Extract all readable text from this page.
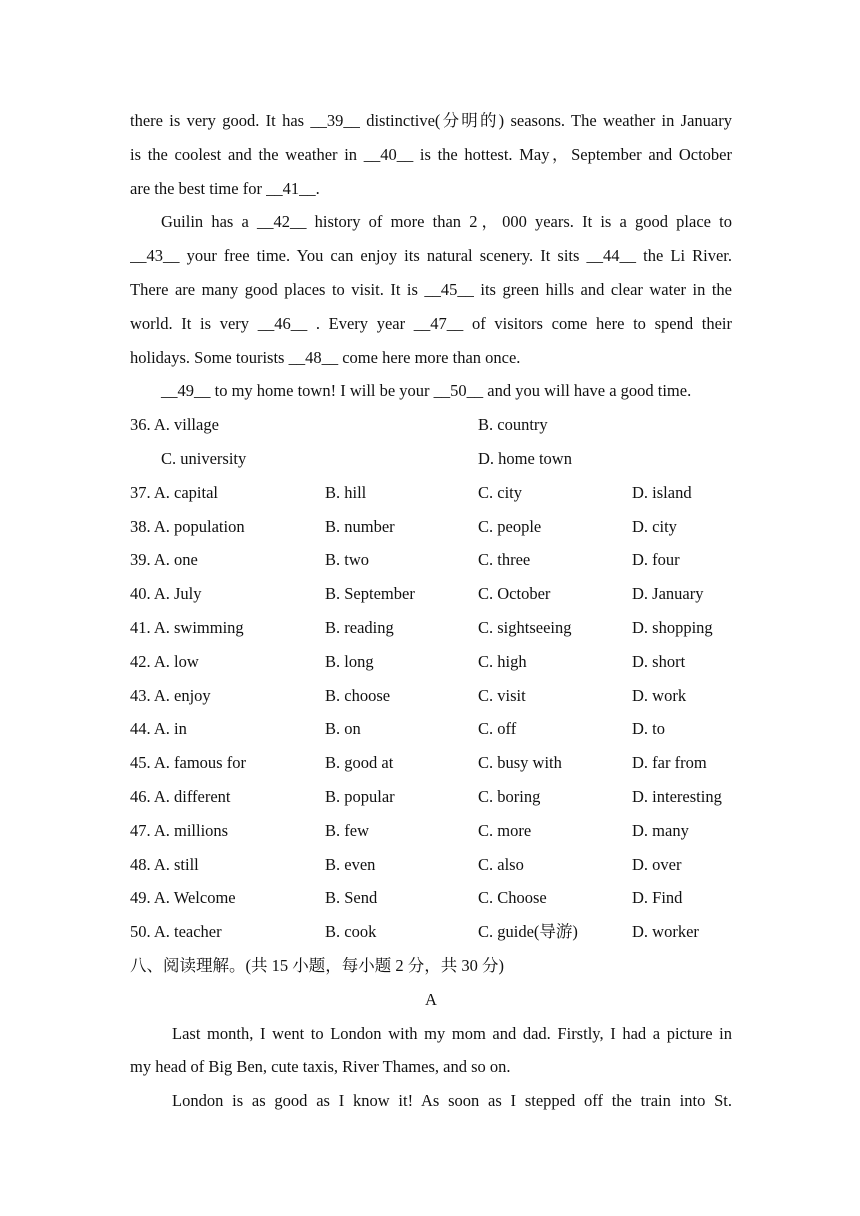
there is very good. It has __39__ distinctive(分明的) seasons. The weather in January
is the coolest and the weather in __40__ is the hottest. May，September and October
are the best time for __41__.
Guilin has a __42__ history of more than 2，000 years. It is a good place to
__43__ your free time. You can enjoy its natural scenery. It sits __44__ the Li River.
There are many good places to visit. It is __45__ its green hills and clear water in the
world. It is very __46__ . Every year __47__ of visitors come here to spend their
holidays. Some tourists __48__ come here more than once.
__49__ to my home town! I will be your __50__ and you will have a good time.
36. A. village	B. country
C. university	D. home town
37. A. capital	B. hill	C. city	D. island
38. A. population	B. number	C. people	D. city
39. A. one	B. two	C. three	D. four
40. A. July	B. September	C. October	D. January
41. A. swimming	B. reading	C. sightseeing	D. shopping
42. A. low	B. long	C. high	D. short
43. A. enjoy	B. choose	C. visit	D. work
44. A. in	B. on	C. off	D. to
45. A. famous for	B. good at	C. busy with	D. far from
46. A. different	B. popular	C. boring	D. interesting
47. A. millions	B. few	C. more	D. many
48. A. still	B. even	C. also	D. over
49. A. Welcome	B. Send	C. Choose	D. Find
50. A. teacher	B. cook	C. guide(导游)	D. worker
八、阅读理解。(共 15 小题，每小题 2 分，共 30 分)
A
Last month, I went to London with my mom and dad. Firstly, I had a picture in
my head of Big Ben, cute taxis, River Thames, and so on.
London is as good as I know it! As soon as I stepped off the train into St.
